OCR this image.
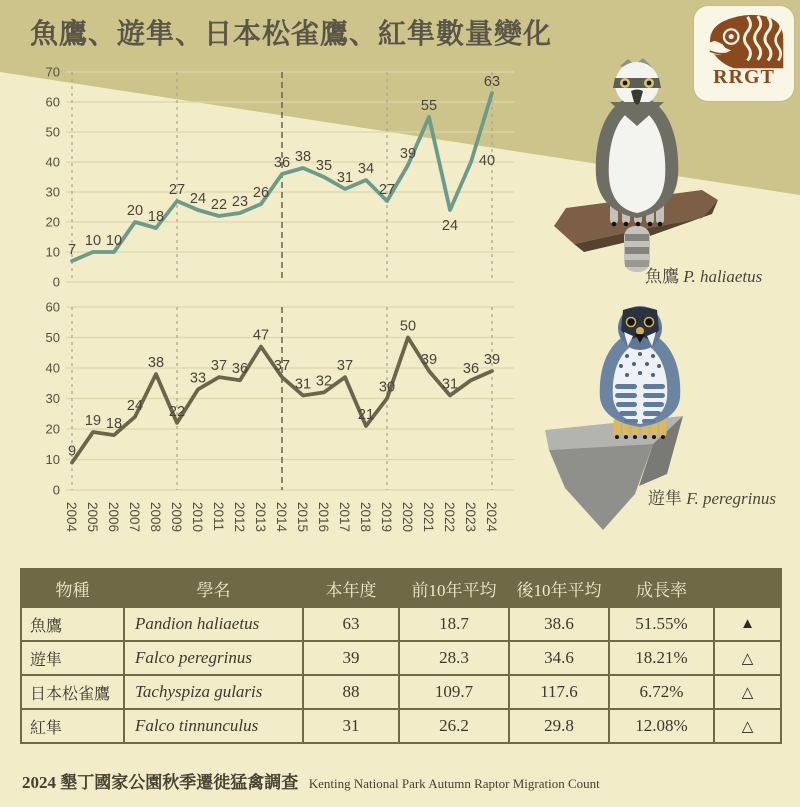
魚鷹、遊隼、日本松雀鷹、紅隼數量變化
RRGT
0
10
20
30
40
50
60
70
7
10 10
20 18
27
24 22 23
26
36 38
35
31
34
27
39
55
24
40
63
0
10
20
30
40
50
60
9
19 18
24
38
22
33
37 36
47
37
31 32
37
21
30
50
39
31
36
39
2004 2005 2006 2007 2008 2009 2010 2011 2012 2013 2014 2015 2016 2017 2018 2019 2020 2021 2022 2023 2024
魚鷹 P. haliaetus
遊隼 F. peregrinus
物種	學名	本年度	前10年平均	後10年平均	成長率	
魚鷹	Pandion haliaetus	63	18.7	38.6	51.55%	▲
遊隼	Falco peregrinus	39	28.3	34.6	18.21%	△
日本松雀鷹	Tachyspiza gularis	88	109.7	117.6	6.72%	△
紅隼	Falco tinnunculus	31	26.2	29.8	12.08%	△
2024 墾丁國家公園秋季遷徙猛禽調查 Kenting National Park Autumn Raptor Migration Count
